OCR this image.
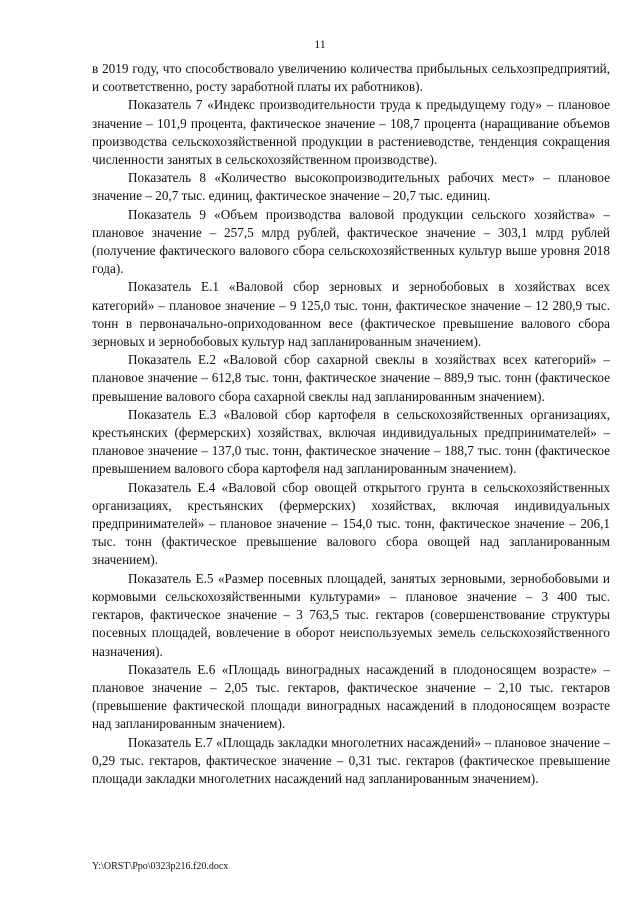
11

в 2019 году, что способствовало увеличению количества прибыльных сельхозпредприятий, и соответственно, росту заработной платы их работников).

Показатель 7 «Индекс производительности труда к предыдущему году» – плановое значение – 101,9 процента, фактическое значение – 108,7 процента (наращивание объемов производства сельскохозяйственной продукции в растениеводстве, тенденция сокращения численности занятых в сельскохозяйственном производстве).

Показатель 8 «Количество высокопроизводительных рабочих мест» – плановое значение – 20,7 тыс. единиц, фактическое значение – 20,7 тыс. единиц.

Показатель 9 «Объем производства валовой продукции сельского хозяйства» – плановое значение – 257,5 млрд рублей, фактическое значение – 303,1 млрд рублей (получение фактического валового сбора сельскохозяйственных культур выше уровня 2018 года).

Показатель Е.1 «Валовой сбор зерновых и зернобобовых в хозяйствах всех категорий» – плановое значение – 9 125,0 тыс. тонн, фактическое значение – 12 280,9 тыс. тонн в первоначально-оприходованном весе (фактическое превышение валового сбора зерновых и зернобобовых культур над запланированным значением).

Показатель Е.2 «Валовой сбор сахарной свеклы в хозяйствах всех категорий» – плановое значение – 612,8 тыс. тонн, фактическое значение – 889,9 тыс. тонн (фактическое превышение валового сбора сахарной свеклы над запланированным значением).

Показатель Е.3 «Валовой сбор картофеля в сельскохозяйственных организациях, крестьянских (фермерских) хозяйствах, включая индивидуальных предпринимателей» – плановое значение – 137,0 тыс. тонн, фактическое значение – 188,7 тыс. тонн (фактическое превышением валового сбора картофеля над запланированным значением).

Показатель Е.4 «Валовой сбор овощей открытого грунта в сельскохозяйственных организациях, крестьянских (фермерских) хозяйствах, включая индивидуальных предпринимателей» – плановое значение – 154,0 тыс. тонн, фактическое значение – 206,1 тыс. тонн (фактическое превышение валового сбора овощей над запланированным значением).

Показатель Е.5 «Размер посевных площадей, занятых зерновыми, зернобобовыми и кормовыми сельскохозяйственными культурами» – плановое значение – 3 400 тыс. гектаров, фактическое значение – 3 763,5 тыс. гектаров (совершенствование структуры посевных площадей, вовлечение в оборот неиспользуемых земель сельскохозяйственного назначения).

Показатель Е.6 «Площадь виноградных насаждений в плодоносящем возрасте» – плановое значение – 2,05 тыс. гектаров, фактическое значение – 2,10 тыс. гектаров (превышение фактической площади виноградных насаждений в плодоносящем возрасте над запланированным значением).

Показатель Е.7 «Площадь закладки многолетних насаждений» – плановое значение – 0,29 тыс. гектаров, фактическое значение – 0,31 тыс. гектаров (фактическое превышение площади закладки многолетних насаждений над запланированным значением).

Y:\ORST\Ppo\0323p216.f20.docx
